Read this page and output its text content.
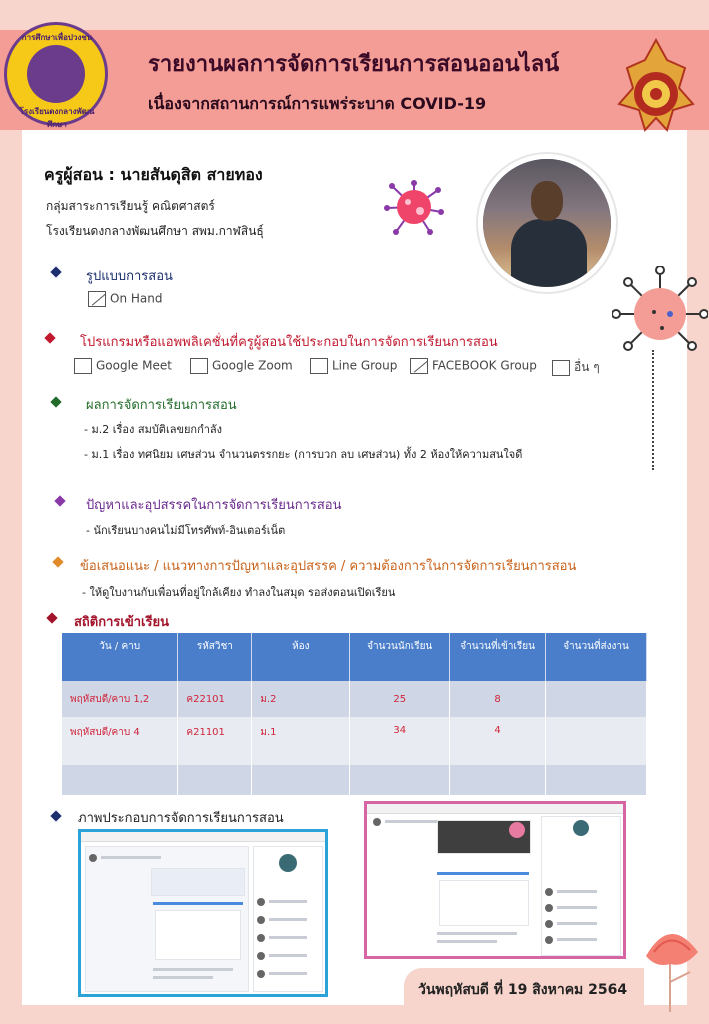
การศึกษาเพื่อปวงชน
โรงเรียนดงกลางพัฒนศึกษา
รายงานผลการจัดการเรียนการสอนออนไลน์
เนื่องจากสถานการณ์การแพร่ระบาด COVID-19
ครูผู้สอน : นายสันดุสิต สายทอง
กลุ่มสาระการเรียนรู้ คณิตศาสตร์
โรงเรียนดงกลางพัฒนศึกษา สพม.กาฬสินธุ์
รูปแบบการสอน
On Hand
โปรแกรมหรือแอพพลิเคชั่นที่ครูผู้สอนใช้ประกอบในการจัดการเรียนการสอน
Google Meet	Google Zoom	Line Group	FACEBOOK Group	อื่น ๆ
ผลการจัดการเรียนการสอน
- ม.2 เรื่อง สมบัติเลขยกกำลัง
- ม.1 เรื่อง ทศนิยม เศษส่วน จำนวนตรรกยะ (การบวก ลบ เศษส่วน) ทั้ง 2 ห้องให้ความสนใจดี
ปัญหาและอุปสรรคในการจัดการเรียนการสอน
- นักเรียนบางคนไม่มีโทรศัพท์-อินเตอร์เน็ต
ข้อเสนอแนะ / แนวทางการปัญหาและอุปสรรค / ความต้องการในการจัดการเรียนการสอน
- ให้ดูใบงานกับเพื่อนที่อยู่ใกล้เคียง ทำลงในสมุด รอส่งตอนเปิดเรียน
สถิติการเข้าเรียน
วัน / คาบ	รหัสวิชา	ห้อง	จำนวนนักเรียน	จำนวนที่เข้าเรียน	จำนวนที่ส่งงาน
พฤหัสบดี/คาบ 1,2	ค22101	ม.2	25	8	
พฤหัสบดี/คาบ 4	ค21101	ม.1	34	4	

ภาพประกอบการจัดการเรียนการสอน
วันพฤหัสบดี ที่ 19 สิงหาคม 2564
